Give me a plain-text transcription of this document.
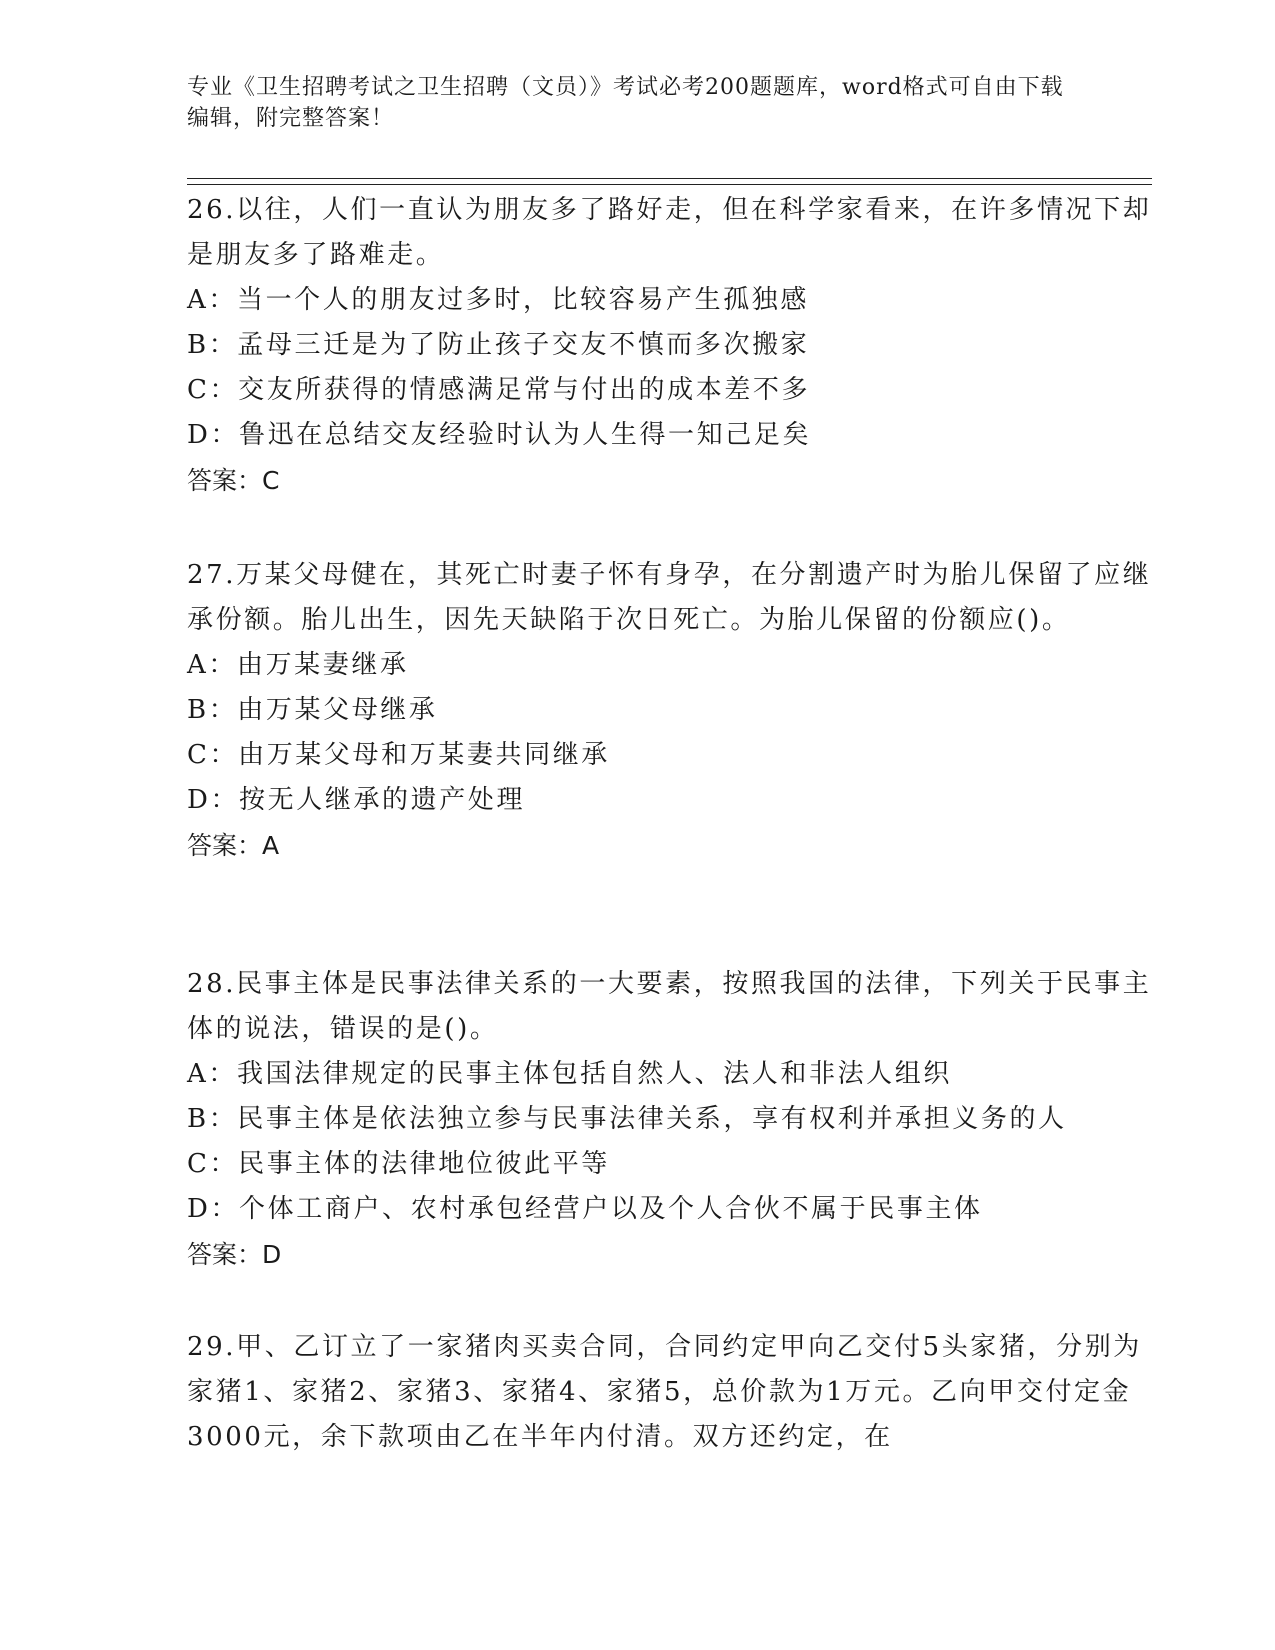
专业《卫生招聘考试之卫生招聘（文员）》考试必考200题题库，word格式可自由下载编辑，附完整答案！

26.以往，人们一直认为朋友多了路好走，但在科学家看来，在许多情况下却是朋友多了路难走。

A：当一个人的朋友过多时，比较容易产生孤独感

B：孟母三迁是为了防止孩子交友不慎而多次搬家

C：交友所获得的情感满足常与付出的成本差不多

D：鲁迅在总结交友经验时认为人生得一知己足矣

答案：C

27.万某父母健在，其死亡时妻子怀有身孕，在分割遗产时为胎儿保留了应继承份额。胎儿出生，因先天缺陷于次日死亡。为胎儿保留的份额应()。

A：由万某妻继承

B：由万某父母继承

C：由万某父母和万某妻共同继承

D：按无人继承的遗产处理

答案：A

28.民事主体是民事法律关系的一大要素，按照我国的法律，下列关于民事主体的说法，错误的是()。

A：我国法律规定的民事主体包括自然人、法人和非法人组织

B：民事主体是依法独立参与民事法律关系，享有权利并承担义务的人

C：民事主体的法律地位彼此平等

D：个体工商户、农村承包经营户以及个人合伙不属于民事主体

答案：D

29.甲、乙订立了一家猪肉买卖合同，合同约定甲向乙交付5头家猪，分别为家猪1、家猪2、家猪3、家猪4、家猪5，总价款为1万元。乙向甲交付定金3000元，余下款项由乙在半年内付清。双方还约定，在
